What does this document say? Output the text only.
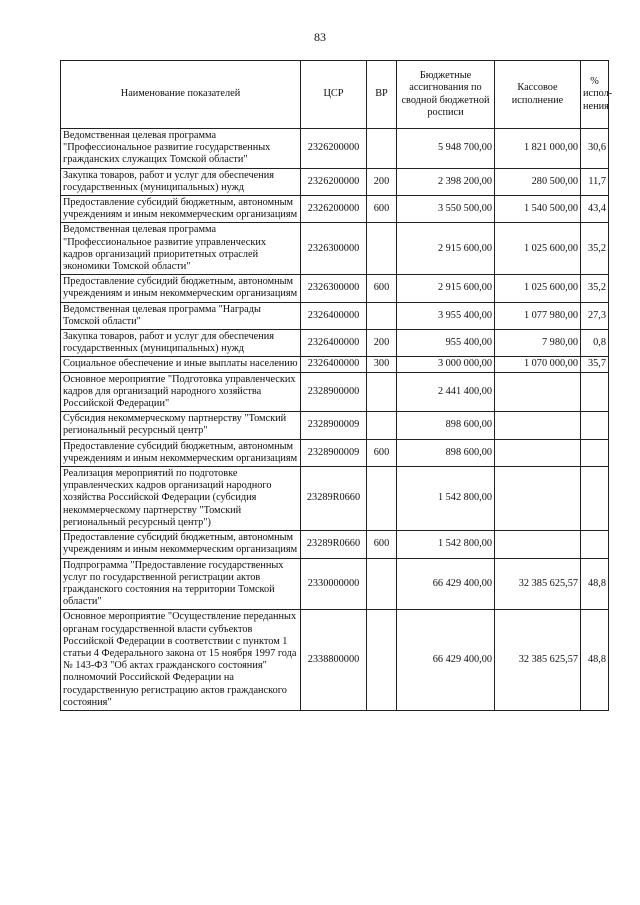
83
Наименование показателей	ЦСР	ВР	Бюджетные ассигнования по сводной бюджетной росписи	Кассовое исполнение	% испол-нения
Ведомственная целевая программа "Профессиональное развитие государственных гражданских служащих Томской области"	2326200000		5 948 700,00	1 821 000,00	30,6
Закупка товаров, работ и услуг для обеспечения государственных (муниципальных) нужд	2326200000	200	2 398 200,00	280 500,00	11,7
Предоставление субсидий бюджетным, автономным учреждениям и иным некоммерческим организациям	2326200000	600	3 550 500,00	1 540 500,00	43,4
Ведомственная целевая программа "Профессиональное развитие управленческих кадров организаций приоритетных отраслей экономики Томской области"	2326300000		2 915 600,00	1 025 600,00	35,2
Предоставление субсидий бюджетным, автономным учреждениям и иным некоммерческим организациям	2326300000	600	2 915 600,00	1 025 600,00	35,2
Ведомственная целевая программа "Награды Томской области"	2326400000		3 955 400,00	1 077 980,00	27,3
Закупка товаров, работ и услуг для обеспечения государственных (муниципальных) нужд	2326400000	200	955 400,00	7 980,00	0,8
Социальное обеспечение и иные выплаты населению	2326400000	300	3 000 000,00	1 070 000,00	35,7
Основное мероприятие "Подготовка управленческих кадров для организаций народного хозяйства Российской Федерации"	2328900000		2 441 400,00		
Субсидия некоммерческому партнерству "Томский региональный ресурсный центр"	2328900009		898 600,00		
Предоставление субсидий бюджетным, автономным учреждениям и иным некоммерческим организациям	2328900009	600	898 600,00		
Реализация мероприятий по подготовке управленческих кадров организаций народного хозяйства Российской Федерации (субсидия некоммерческому партнерству "Томский региональный ресурсный центр")	23289R0660		1 542 800,00		
Предоставление субсидий бюджетным, автономным учреждениям и иным некоммерческим организациям	23289R0660	600	1 542 800,00		
Подпрограмма "Предоставление государственных услуг по государственной регистрации актов гражданского состояния на территории Томской области"	2330000000		66 429 400,00	32 385 625,57	48,8
Основное мероприятие "Осуществление переданных органам государственной власти субъектов Российской Федерации в соответствии с пунктом 1 статьи 4 Федерального закона от 15 ноября 1997 года № 143-ФЗ "Об актах гражданского состояния" полномочий Российской Федерации на государственную регистрацию актов гражданского состояния"	2338800000		66 429 400,00	32 385 625,57	48,8
